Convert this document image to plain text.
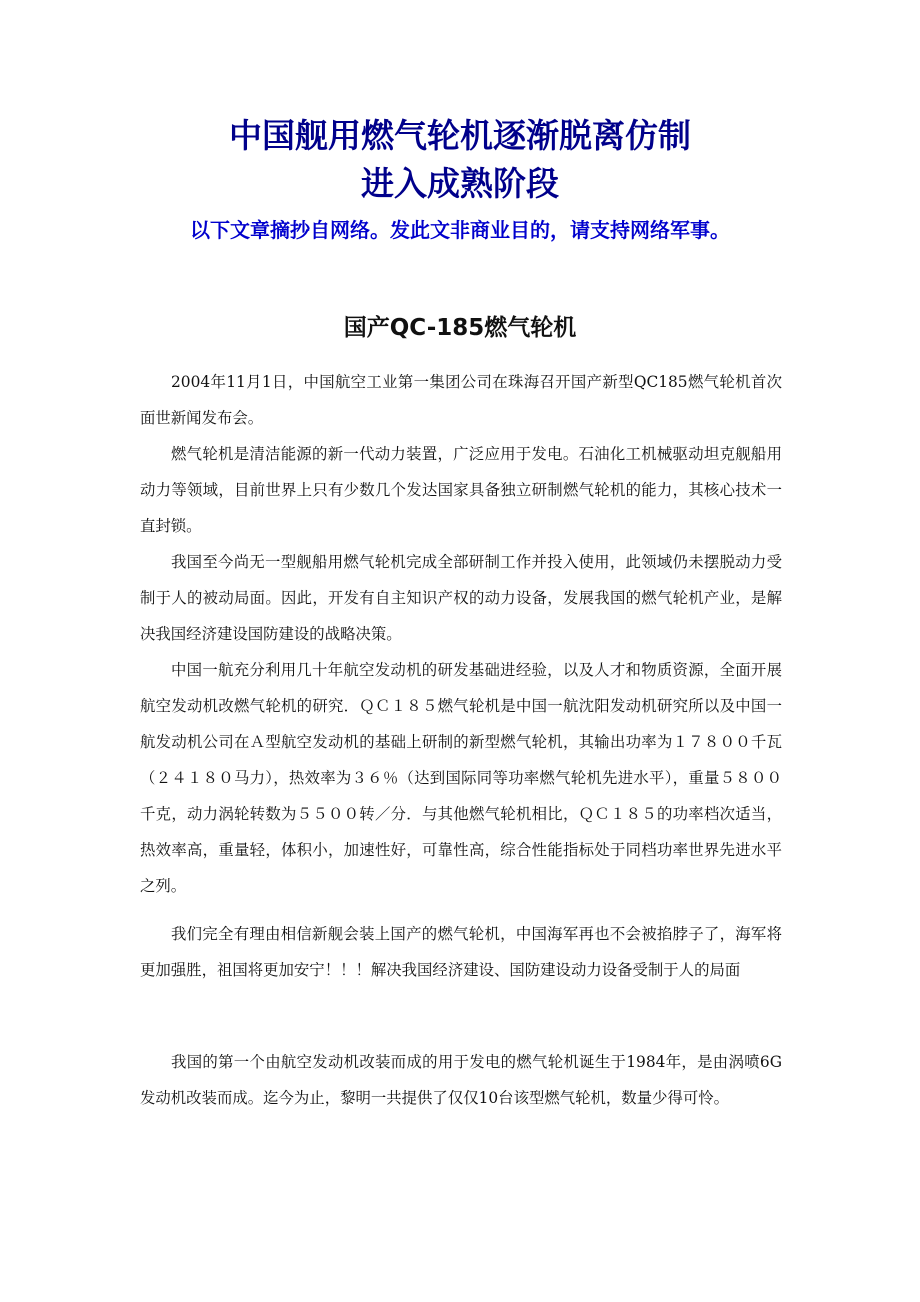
中国舰用燃气轮机逐渐脱离仿制
进入成熟阶段

以下文章摘抄自网络。发此文非商业目的，请支持网络军事。

国产QC-185燃气轮机

2004年11月1日，中国航空工业第一集团公司在珠海召开国产新型QC185燃气轮机首次面世新闻发布会。

燃气轮机是清洁能源的新一代动力装置，广泛应用于发电。石油化工机械驱动坦克舰船用动力等领域，目前世界上只有少数几个发达国家具备独立研制燃气轮机的能力，其核心技术一直封锁。

我国至今尚无一型舰船用燃气轮机完成全部研制工作并投入使用，此领域仍未摆脱动力受制于人的被动局面。因此，开发有自主知识产权的动力设备，发展我国的燃气轮机产业，是解决我国经济建设国防建设的战略决策。

中国一航充分利用几十年航空发动机的研发基础进经验，以及人才和物质资源，全面开展航空发动机改燃气轮机的研究．ＱＣ１８５燃气轮机是中国一航沈阳发动机研究所以及中国一航发动机公司在Ａ型航空发动机的基础上研制的新型燃气轮机，其输出功率为１７８００千瓦（２４１８０马力），热效率为３６％（达到国际同等功率燃气轮机先进水平），重量５８００千克，动力涡轮转数为５５００转／分．与其他燃气轮机相比，ＱＣ１８５的功率档次适当，热效率高，重量轻，体积小，加速性好，可靠性高，综合性能指标处于同档功率世界先进水平之列。

我们完全有理由相信新舰会装上国产的燃气轮机，中国海军再也不会被掐脖子了，海军将更加强胜，祖国将更加安宁！！！解决我国经济建设、国防建设动力设备受制于人的局面

我国的第一个由航空发动机改装而成的用于发电的燃气轮机诞生于1984年，是由涡喷6G发动机改装而成。迄今为止，黎明一共提供了仅仅10台该型燃气轮机，数量少得可怜。
